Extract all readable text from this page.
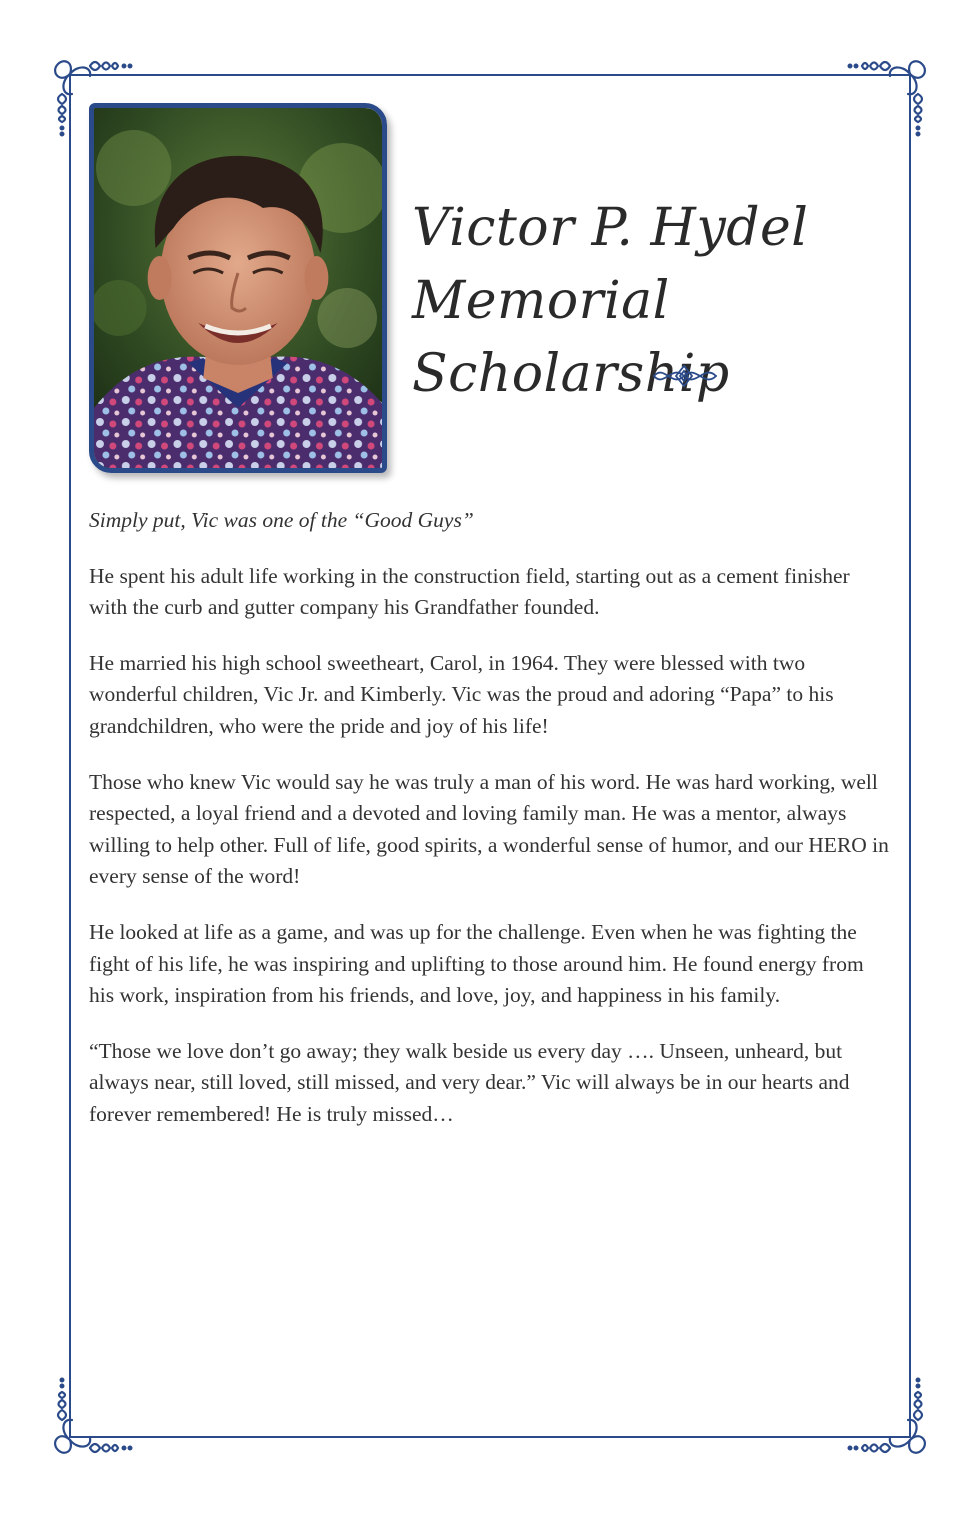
Victor P. Hydel
Memorial
Scholarship

Simply put, Vic was one of the “Good Guys”

He spent his adult life working in the construction field, starting out as a cement finisher with the curb and gutter company his Grandfather founded.

He married his high school sweetheart, Carol, in 1964. They were blessed with two wonderful children, Vic Jr. and Kimberly. Vic was the proud and adoring “Papa” to his grandchildren, who were the pride and joy of his life!

Those who knew Vic would say he was truly a man of his word. He was hard working, well respected, a loyal friend and a devoted and loving family man. He was a mentor, always willing to help other. Full of life, good spirits, a wonderful sense of humor, and our HERO in every sense of the word!

He looked at life as a game, and was up for the challenge. Even when he was fighting the fight of his life, he was inspiring and uplifting to those around him. He found energy from his work, inspiration from his friends, and love, joy, and happiness in his family.

“Those we love don’t go away; they walk beside us every day …. Unseen, unheard, but always near, still loved, still missed, and very dear.” Vic will always be in our hearts and forever remembered! He is truly missed…
